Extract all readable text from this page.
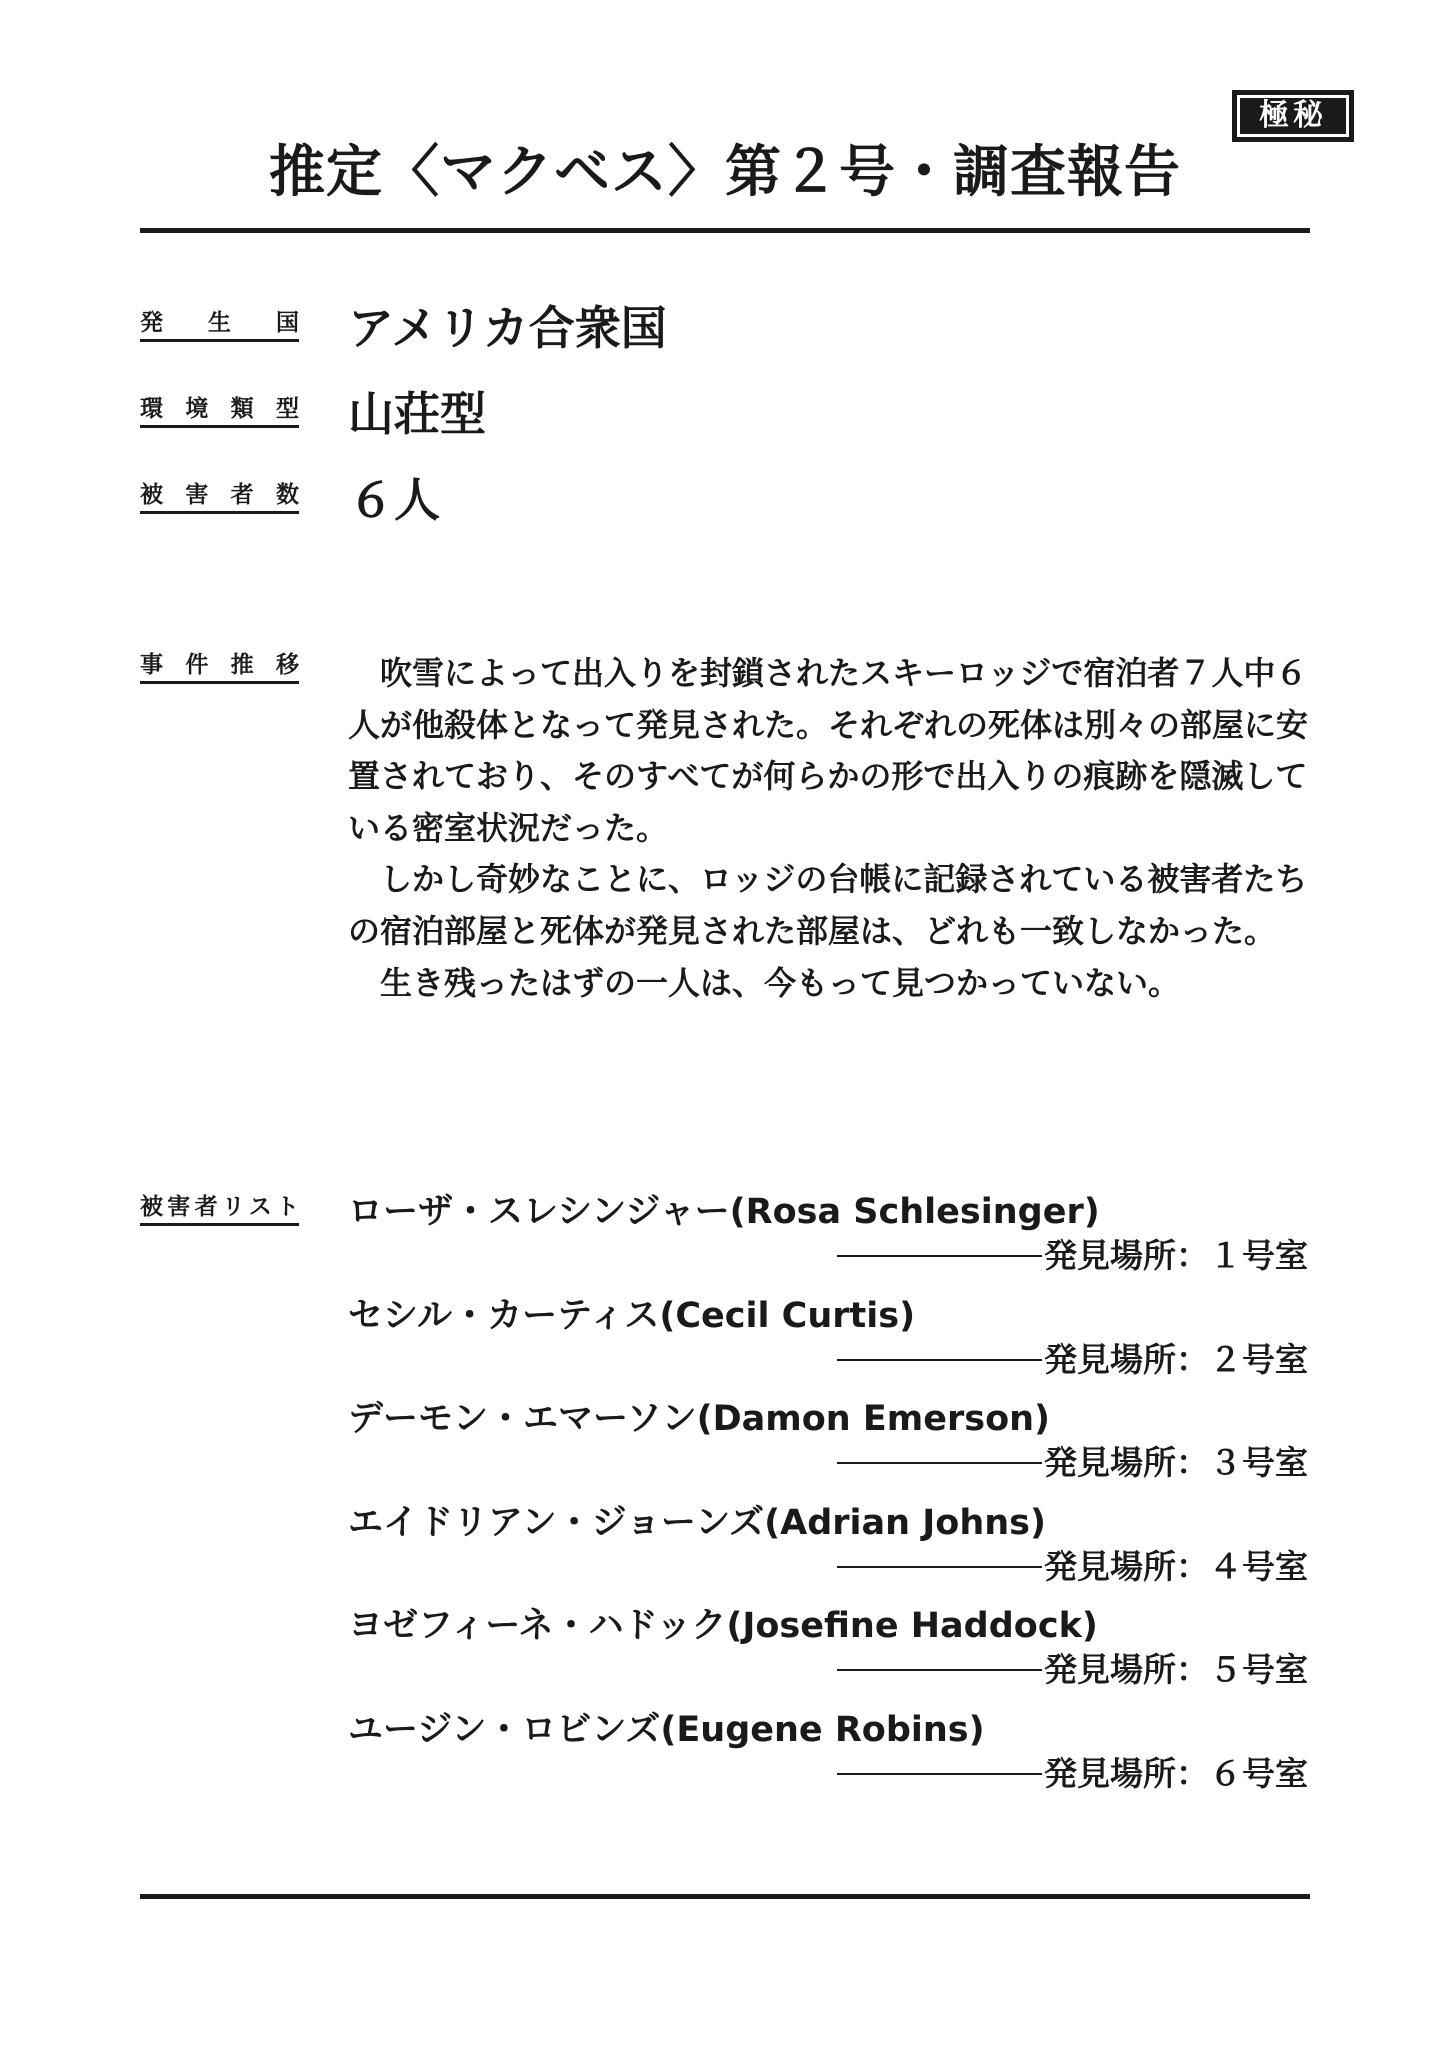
極秘
推定〈マクベス〉第２号・調査報告
発生国 アメリカ合衆国
環境類型 山荘型
被害者数 ６人
事件推移	吹雪によって出入りを封鎖されたスキーロッジで宿泊者７人中６人が他殺体となって発見された。それぞれの死体は別々の部屋に安置されており、そのすべてが何らかの形で出入りの痕跡を隠滅している密室状況だった。

しかし奇妙なことに、ロッジの台帳に記録されている被害者たちの宿泊部屋と死体が発見された部屋は、どれも一致しなかった。

生き残ったはずの一人は、今もって見つかっていない。

被害者リスト ローザ・スレシンジャー(Rosa Schlesinger)
発見場所： １号室
セシル・カーティス(Cecil Curtis)
発見場所： ２号室
デーモン・エマーソン(Damon Emerson)
発見場所： ３号室
エイドリアン・ジョーンズ(Adrian Johns)
発見場所： ４号室
ヨゼフィーネ・ハドック(Josefine Haddock)
発見場所： ５号室
ユージン・ロビンズ(Eugene Robins)
発見場所： ６号室
